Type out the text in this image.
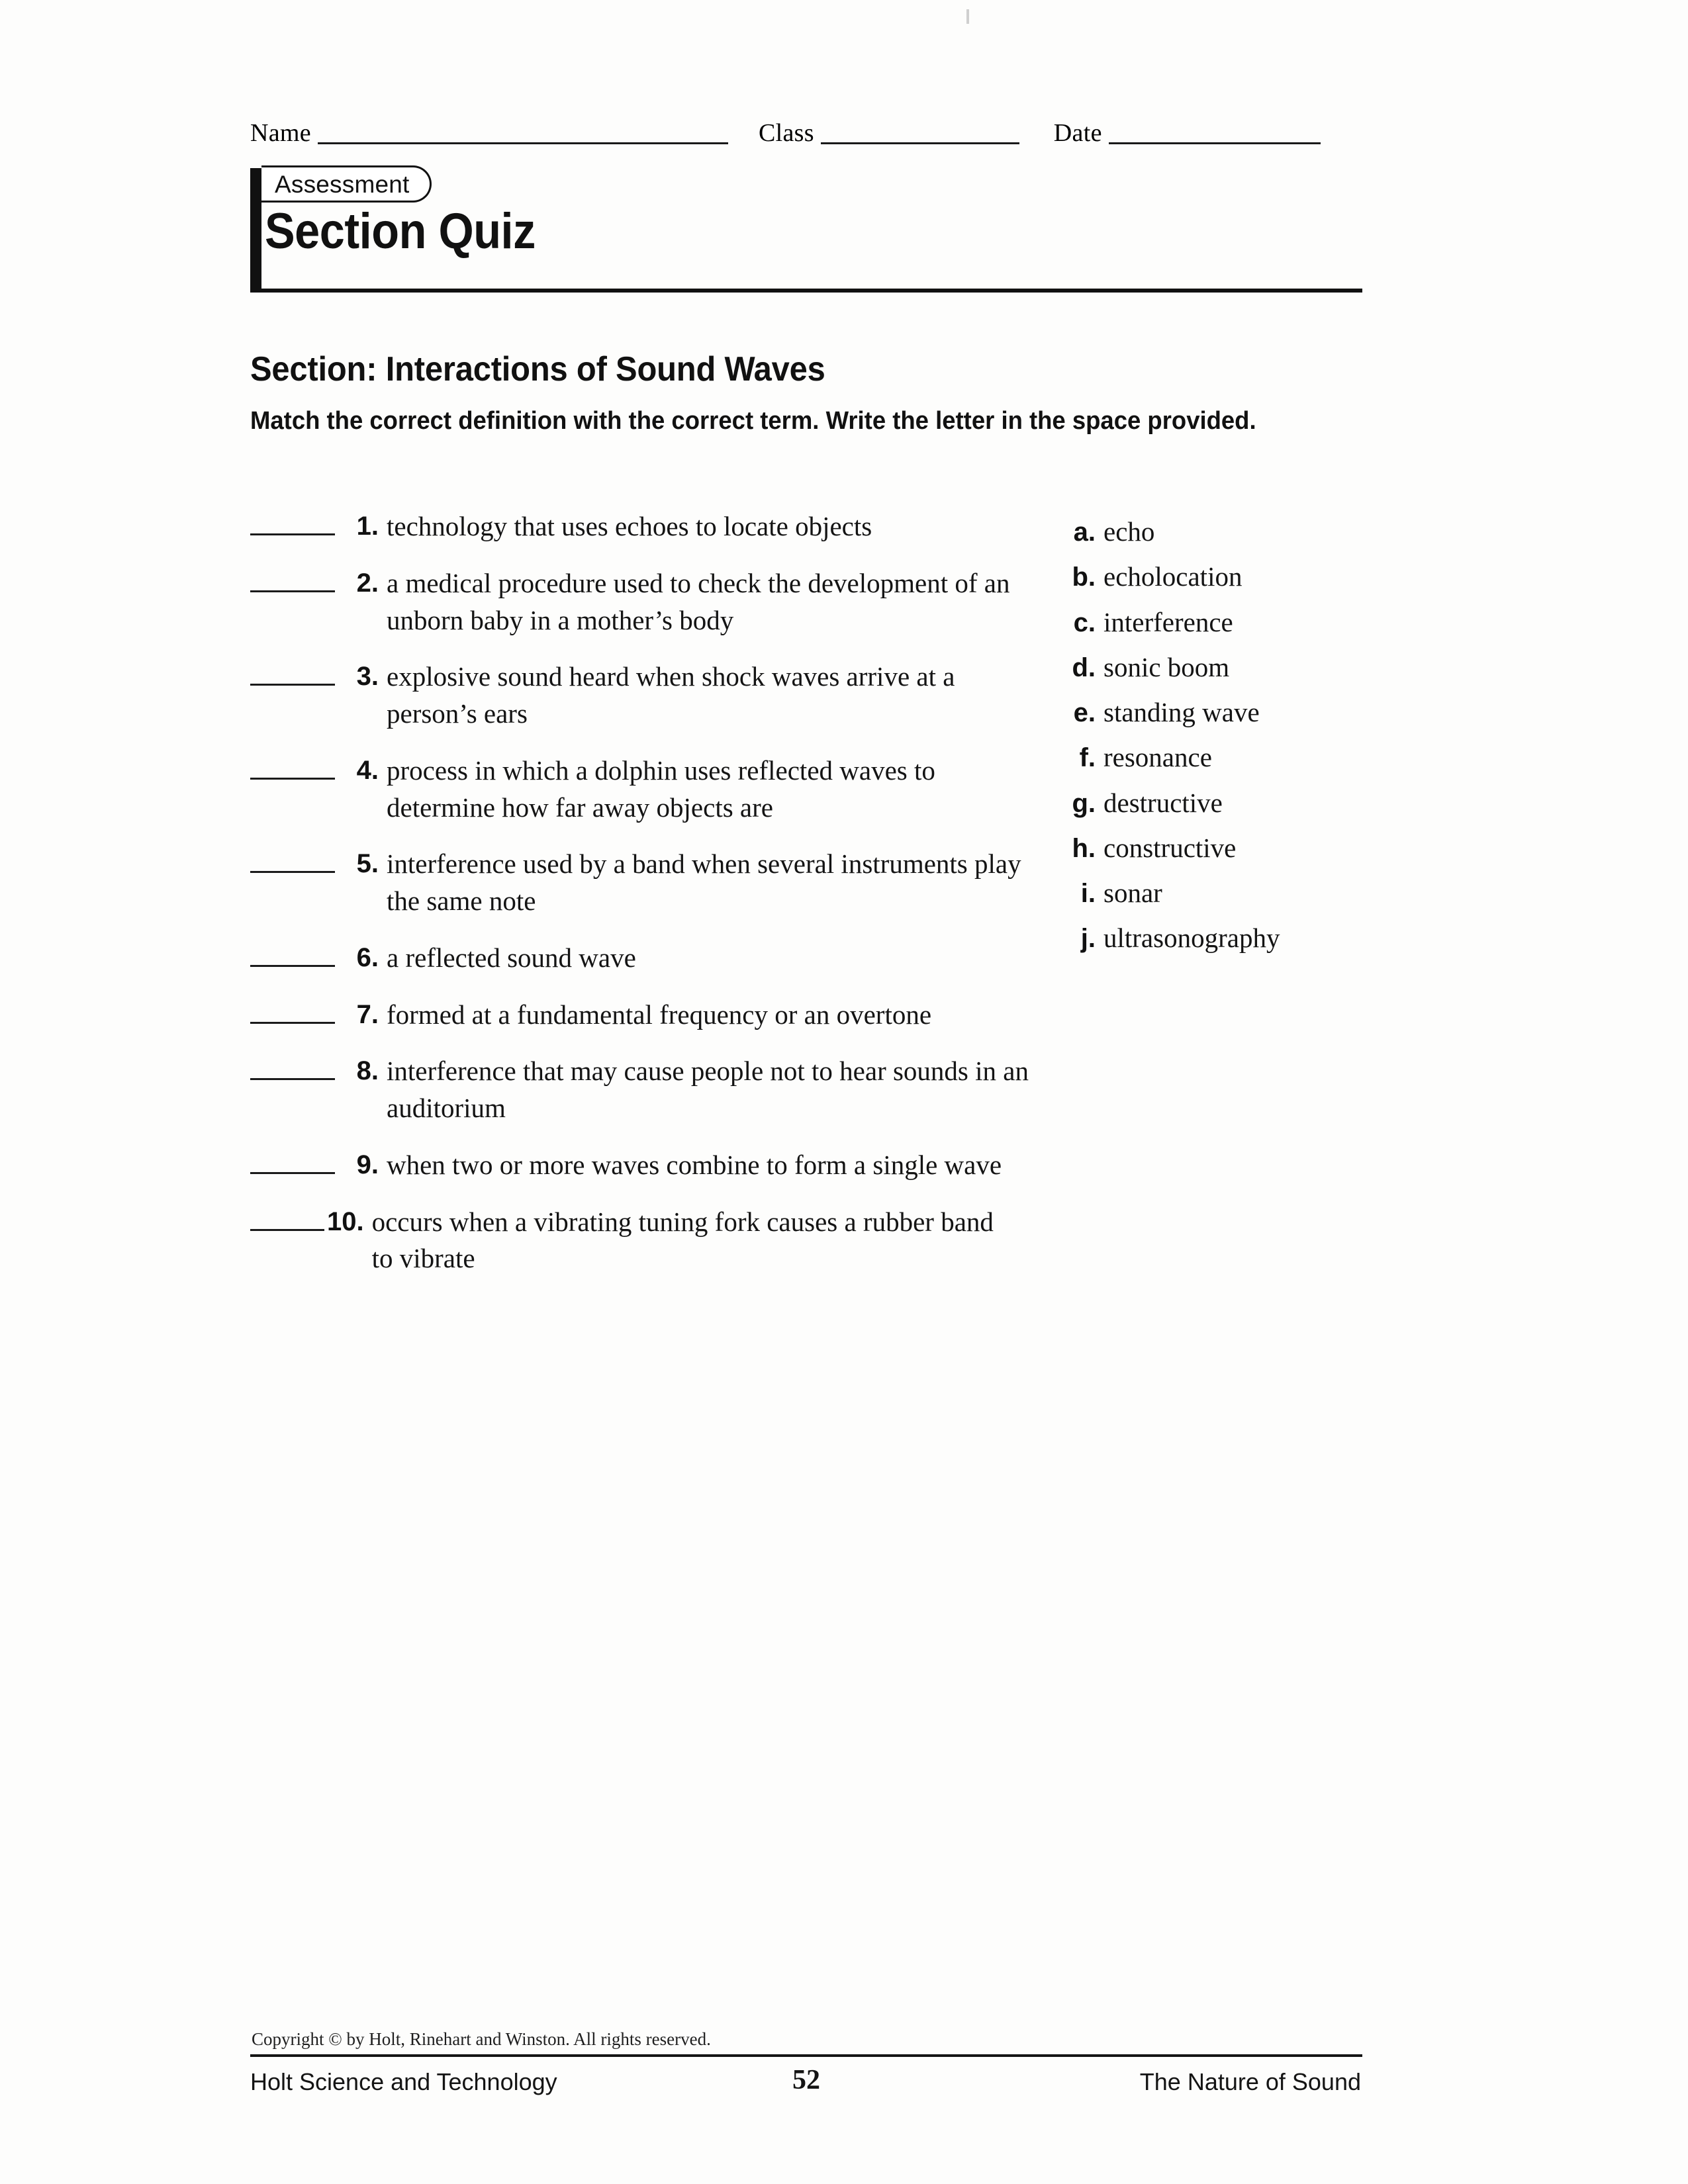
Name	Class	Date
Assessment
Section Quiz
Section: Interactions of Sound Waves
Match the correct definition with the correct term. Write the letter in the space provided.
1. technology that uses echoes to locate objects
2. a medical procedure used to check the development of an unborn baby in a mother’s body
3. explosive sound heard when shock waves arrive at a person’s ears
4. process in which a dolphin uses reflected waves to determine how far away objects are
5. interference used by a band when several instruments play the same note
6. a reflected sound wave
7. formed at a fundamental frequency or an overtone
8. interference that may cause people not to hear sounds in an auditorium
9. when two or more waves combine to form a single wave
10. occurs when a vibrating tuning fork causes a rubber band to vibrate
a. echo
b. echolocation
c. interference
d. sonic boom
e. standing wave
f. resonance
g. destructive
h. constructive
i. sonar
j. ultrasonography
Copyright © by Holt, Rinehart and Winston. All rights reserved.
Holt Science and Technology	52	The Nature of Sound
